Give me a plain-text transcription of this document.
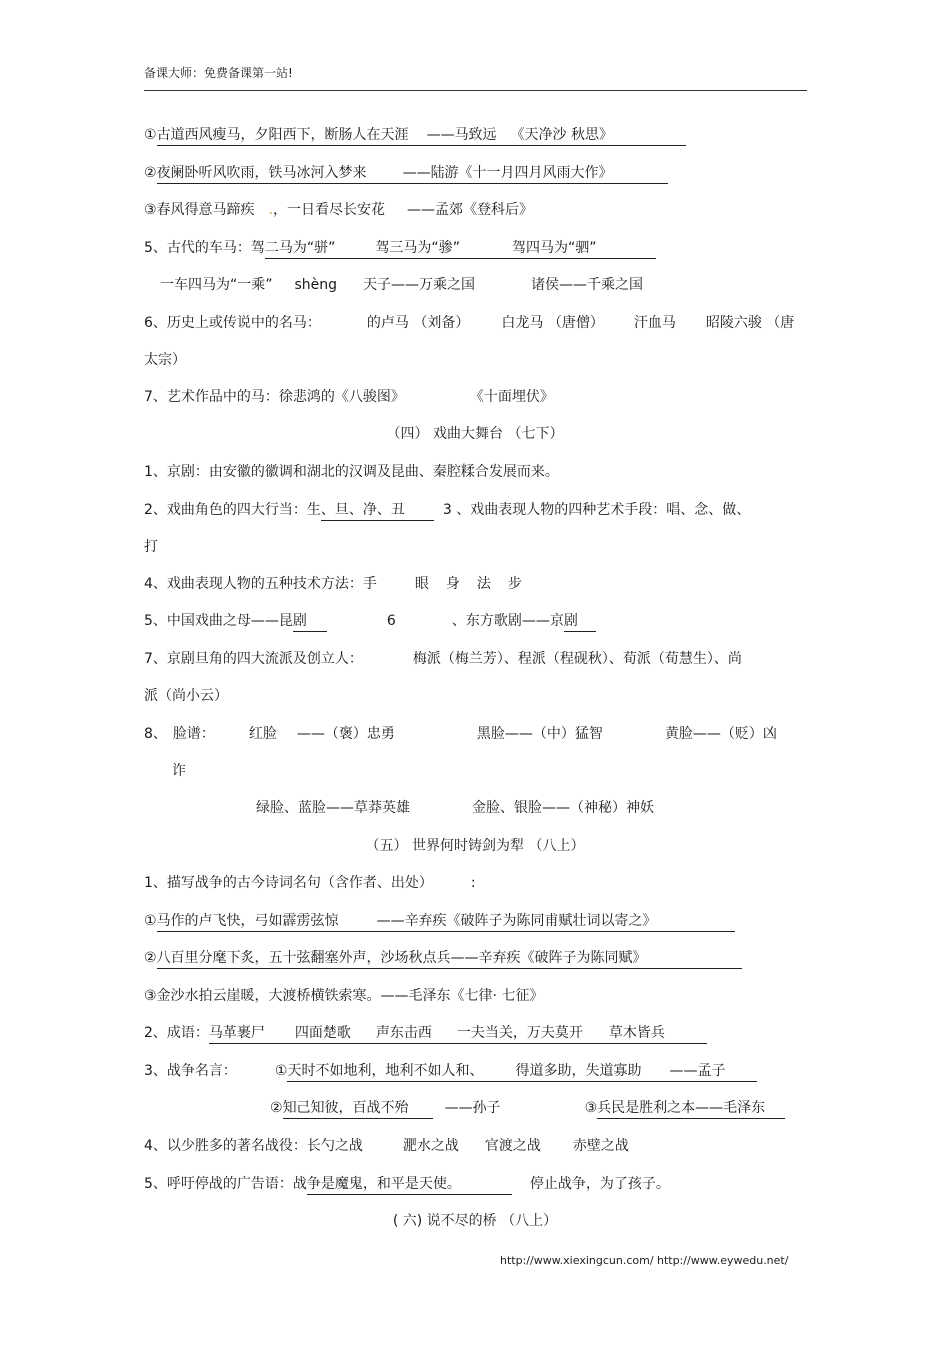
备课大师：免费备课第一站!
①古道西风瘦马，夕阳西下，断肠人在天涯 ——马致远 《天净沙 秋思》
②夜阑卧听风吹雨，铁马冰河入梦来	——陆游《十一月四月风雨大作》
③春风得意马蹄疾 .，一日看尽长安花 ——孟郊《登科后》
5、古代的车马：驾二马为“骈”	驾三马为“骖”	驾四马为“驷”
一车四马为“一乘” shèng 天子——万乘之国	诸侯——千乘之国
6、历史上或传说中的名马：	的卢马 （刘备） 白龙马 （唐僧） 汗血马 昭陵六骏 （唐
太宗）
7、艺术作品中的马：徐悲鸿的《八骏图》	《十面埋伏》
（四） 戏曲大舞台 （七下）
1、京剧：由安徽的徽调和湖北的汉调及昆曲、秦腔糅合发展而来。
2、戏曲角色的四大行当：生、旦、净、丑	3 、戏曲表现人物的四种艺术手段：唱、念、做、
打
4、戏曲表现人物的五种技术方法：手	眼 身 法 步
5、中国戏曲之母——昆剧	6	、东方歌剧——京剧
7、京剧旦角的四大流派及创立人：	梅派（梅兰芳）、程派（程砚秋）、荀派（荀慧生）、尚
派（尚小云）
8、 脸谱： 红脸 ——（褒）忠勇	黑脸——（中）猛智	黄脸——（贬）凶
诈
绿脸、蓝脸——草莽英雄	金脸、银脸——（神秘）神妖
（五） 世界何时铸剑为犁 （八上）
1、描写战争的古今诗词名句（含作者、出处）	:
①马作的卢飞快，弓如霹雳弦惊	——辛弃疾《破阵子为陈同甫赋壮词以寄之》
②八百里分麾下炙，五十弦翻塞外声，沙场秋点兵——辛弃疾《破阵子为陈同赋》
③金沙水拍云崖暖，大渡桥横铁索寒。——毛泽东《七律· 七征》
2、成语：马革裹尸 四面楚歌 声东击西 一夫当关，万夫莫开 草木皆兵
3、战争名言：	①天时不如地利，地利不如人和、 得道多助，失道寡助 ——孟子
②知己知彼，百战不殆	——孙子	③兵民是胜利之本——毛泽东
4、以少胜多的著名战役：长勺之战	淝水之战 官渡之战 赤壁之战
5、呼吁停战的广告语：战争是魔鬼，和平是天使。	停止战争，为了孩子。
( 六) 说不尽的桥 （八上）
http://www.xiexingcun.com/ http://www.eywedu.net/
